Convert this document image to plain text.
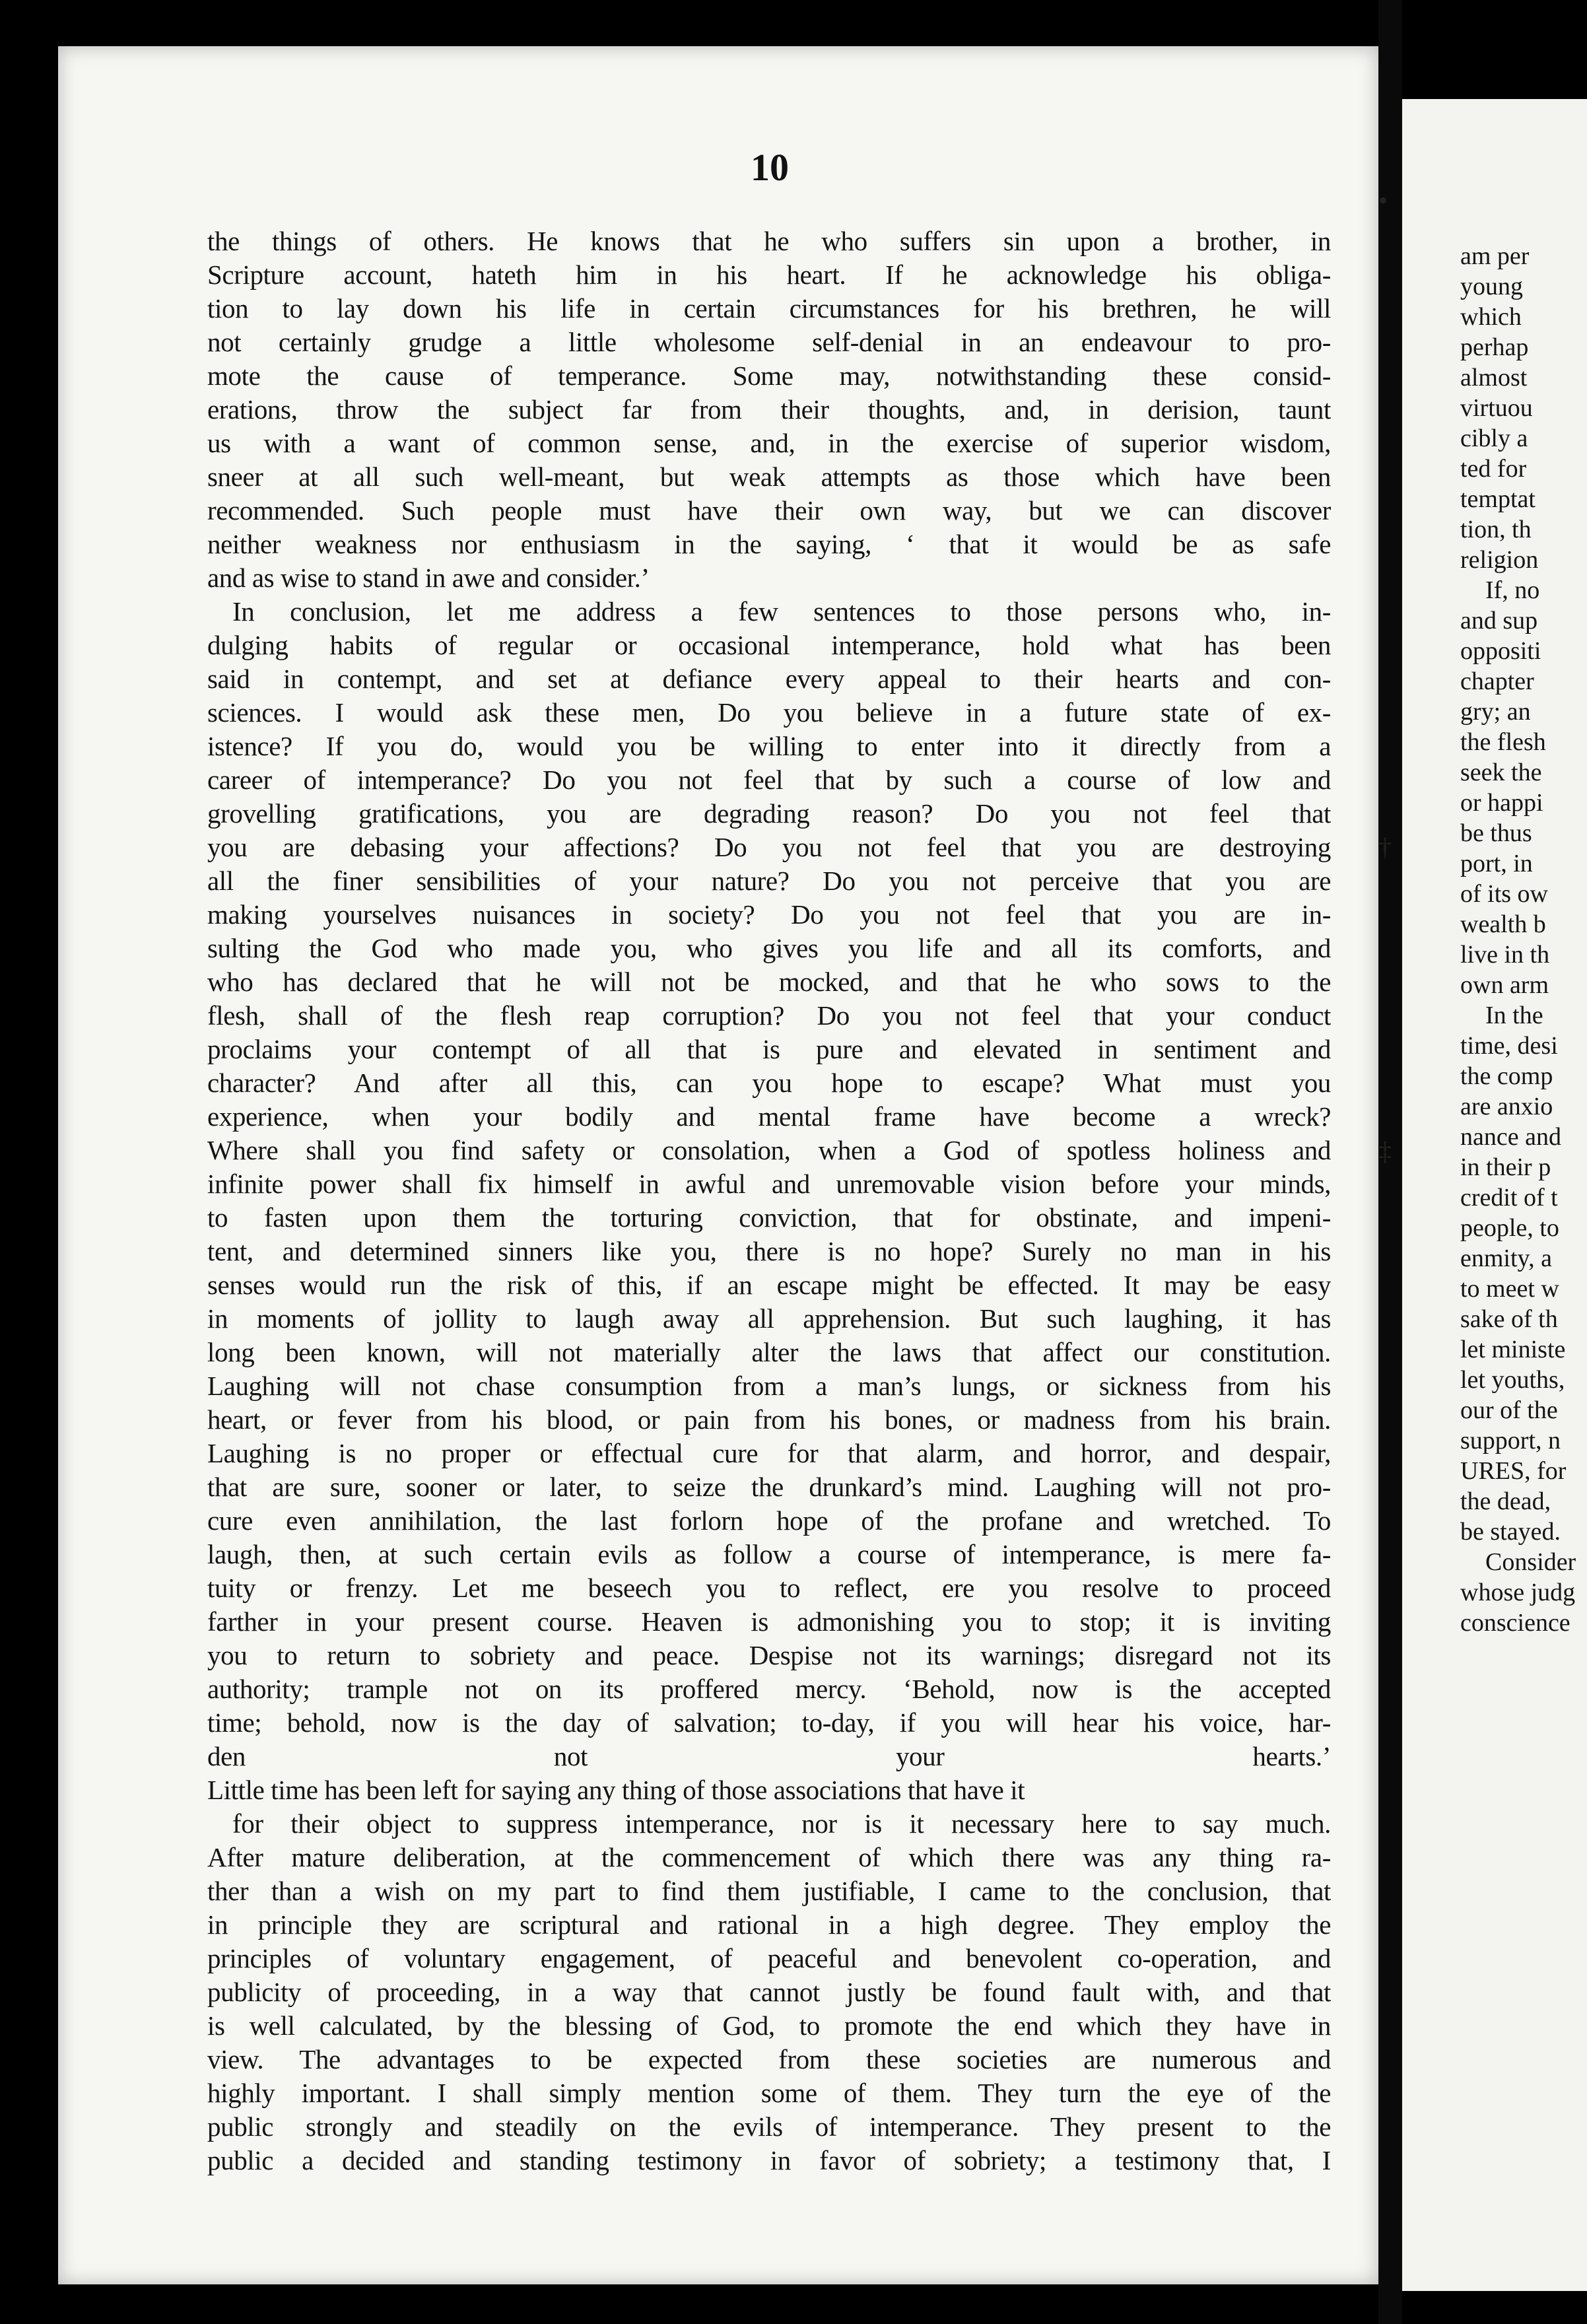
10
the things of others. He knows that he who suffers sin upon a brother, in
Scripture account, hateth him in his heart. If he acknowledge his obliga-
tion to lay down his life in certain circumstances for his brethren, he will
not certainly grudge a little wholesome self-denial in an endeavour to pro-
mote the cause of temperance. Some may, notwithstanding these consid-
erations, throw the subject far from their thoughts, and, in derision, taunt
us with a want of common sense, and, in the exercise of superior wisdom,
sneer at all such well-meant, but weak attempts as those which have been
recommended. Such people must have their own way, but we can discover
neither weakness nor enthusiasm in the saying, ‘ that it would be as safe
and as wise to stand in awe and consider.’
In conclusion, let me address a few sentences to those persons who, in-
dulging habits of regular or occasional intemperance, hold what has been
said in contempt, and set at defiance every appeal to their hearts and con-
sciences. I would ask these men, Do you believe in a future state of ex-
istence? If you do, would you be willing to enter into it directly from a
career of intemperance? Do you not feel that by such a course of low and
grovelling gratifications, you are degrading reason? Do you not feel that
you are debasing your affections? Do you not feel that you are destroying
all the finer sensibilities of your nature? Do you not perceive that you are
making yourselves nuisances in society? Do you not feel that you are in-
sulting the God who made you, who gives you life and all its comforts, and
who has declared that he will not be mocked, and that he who sows to the
flesh, shall of the flesh reap corruption? Do you not feel that your conduct
proclaims your contempt of all that is pure and elevated in sentiment and
character? And after all this, can you hope to escape? What must you
experience, when your bodily and mental frame have become a wreck?
Where shall you find safety or consolation, when a God of spotless holiness and
infinite power shall fix himself in awful and unremovable vision before your minds,
to fasten upon them the torturing conviction, that for obstinate, and impeni-
tent, and determined sinners like you, there is no hope? Surely no man in his
senses would run the risk of this, if an escape might be effected. It may be easy
in moments of jollity to laugh away all apprehension. But such laughing, it has
long been known, will not materially alter the laws that affect our constitution.
Laughing will not chase consumption from a man’s lungs, or sickness from his
heart, or fever from his blood, or pain from his bones, or madness from his brain.
Laughing is no proper or effectual cure for that alarm, and horror, and despair,
that are sure, sooner or later, to seize the drunkard’s mind. Laughing will not pro-
cure even annihilation, the last forlorn hope of the profane and wretched. To
laugh, then, at such certain evils as follow a course of intemperance, is mere fa-
tuity or frenzy. Let me beseech you to reflect, ere you resolve to proceed
farther in your present course. Heaven is admonishing you to stop; it is inviting
you to return to sobriety and peace. Despise not its warnings; disregard not its
authority; trample not on its proffered mercy. ‘Behold, now is the accepted
time; behold, now is the day of salvation; to-day, if you will hear his voice, har-
den not your hearts.’
Little time has been left for saying any thing of those associations that have it
for their object to suppress intemperance, nor is it necessary here to say much.
After mature deliberation, at the commencement of which there was any thing ra-
ther than a wish on my part to find them justifiable, I came to the conclusion, that
in principle they are scriptural and rational in a high degree. They employ the
principles of voluntary engagement, of peaceful and benevolent co-operation, and
publicity of proceeding, in a way that cannot justly be found fault with, and that
is well calculated, by the blessing of God, to promote the end which they have in
view. The advantages to be expected from these societies are numerous and
highly important. I shall simply mention some of them. They turn the eye of the
public strongly and steadily on the evils of intemperance. They present to the
public a decided and standing testimony in favor of sobriety; a testimony that, I
am per
young
which
perhap
almost
virtuou
cibly a
ted for
temptat
tion, th
religion
If, no
and sup
oppositi
chapter
gry; an
the flesh
seek the
or happi
be thus
port, in
of its ow
wealth b
live in th
own arm
In the
time, desi
the comp
are anxio
nance and
in their p
credit of t
people, to
enmity, a
to meet w
sake of th
let ministe
let youths,
our of the
support, n
URES, for
the dead,
be stayed.
Consider
whose judg
conscience
•
†
‡
